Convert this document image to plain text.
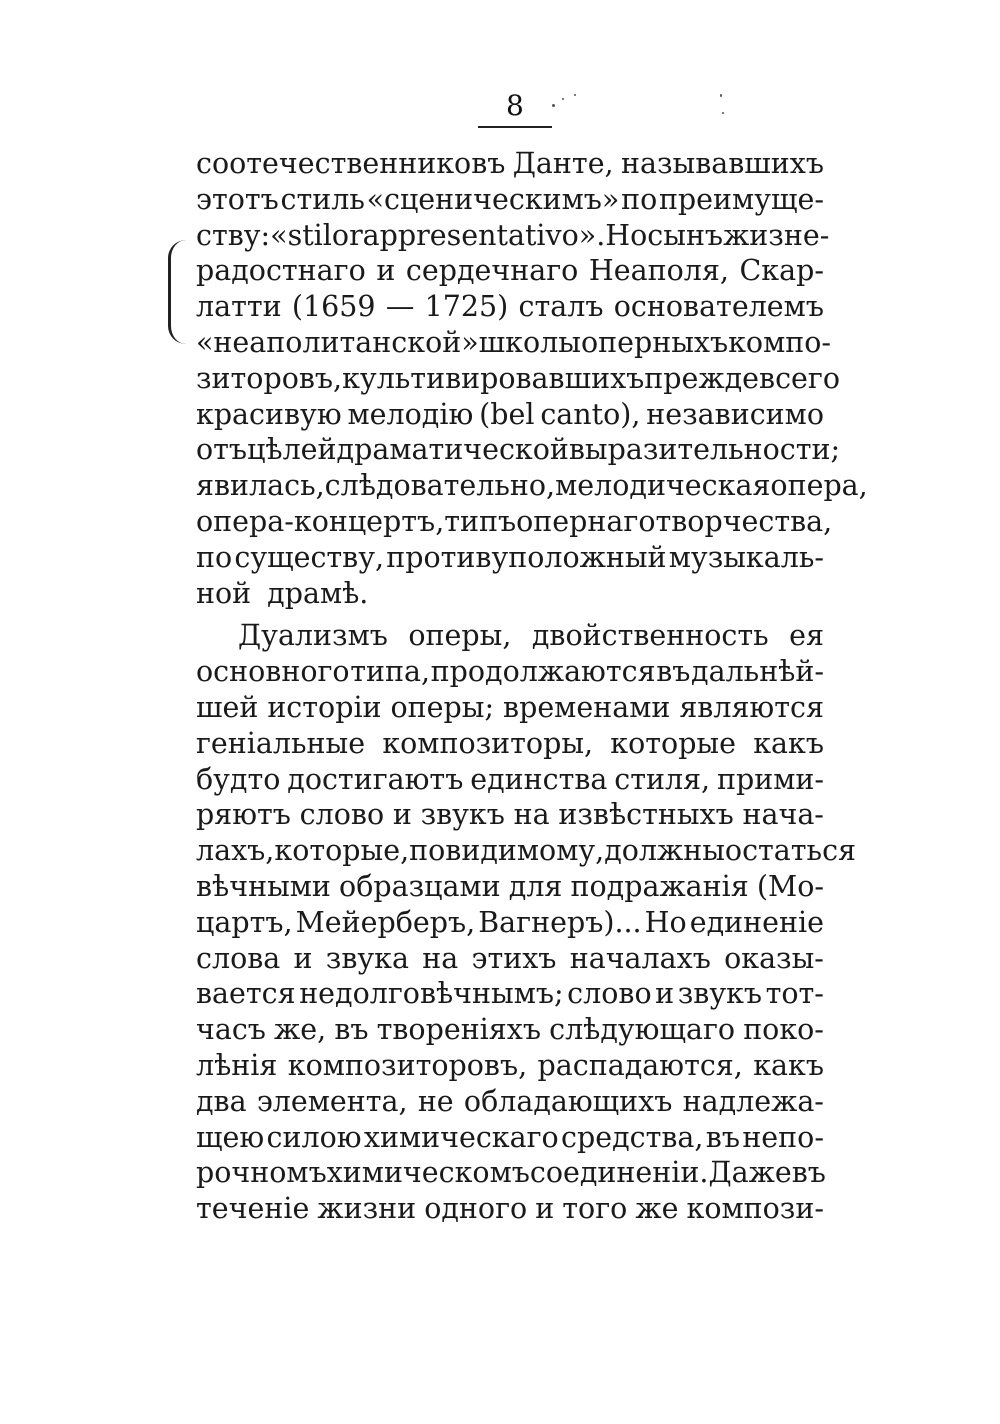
8
соотечественниковъ Данте, называвшихъ
этотъ стиль «сценическимъ» по преимуще-
ству: «stilo rappresentativo». Но сынъ жизне-
радостнаго и сердечнаго Неаполя, Скар-
латти (1659 — 1725) сталъ основателемъ
«неаполитанской» школы оперныхъ компо-
зиторовъ, культивировавшихъ прежде всего
красивую мелодію (bel canto), независимо
отъ цѣлей драматической выразительности;
явилась, слѣдовательно, мелодическая опера,
опера-концертъ, типъ опернаго творчества,
по существу, противуположный музыкаль-
ной драмѣ.
Дуализмъ оперы, двойственность ея
основного типа, продолжаются въ дальнѣй-
шей исторіи оперы; временами являются
геніальные композиторы, которые какъ
будто достигаютъ единства стиля, прими-
ряютъ слово и звукъ на извѣстныхъ нача-
лахъ, которые, повидимому, должны остаться
вѣчными образцами для подражанія (Мо-
цартъ, Мейерберъ, Вагнеръ)... Но единеніе
слова и звука на этихъ началахъ оказы-
вается недолговѣчнымъ; слово и звукъ тот-
часъ же, въ твореніяхъ слѣдующаго поко-
лѣнія композиторовъ, распадаются, какъ
два элемента, не обладающихъ надлежа-
щею силою химическаго средства, въ непо-
рочномъ химическомъ соединеніи. Даже въ
теченіе жизни одного и того же компози-
